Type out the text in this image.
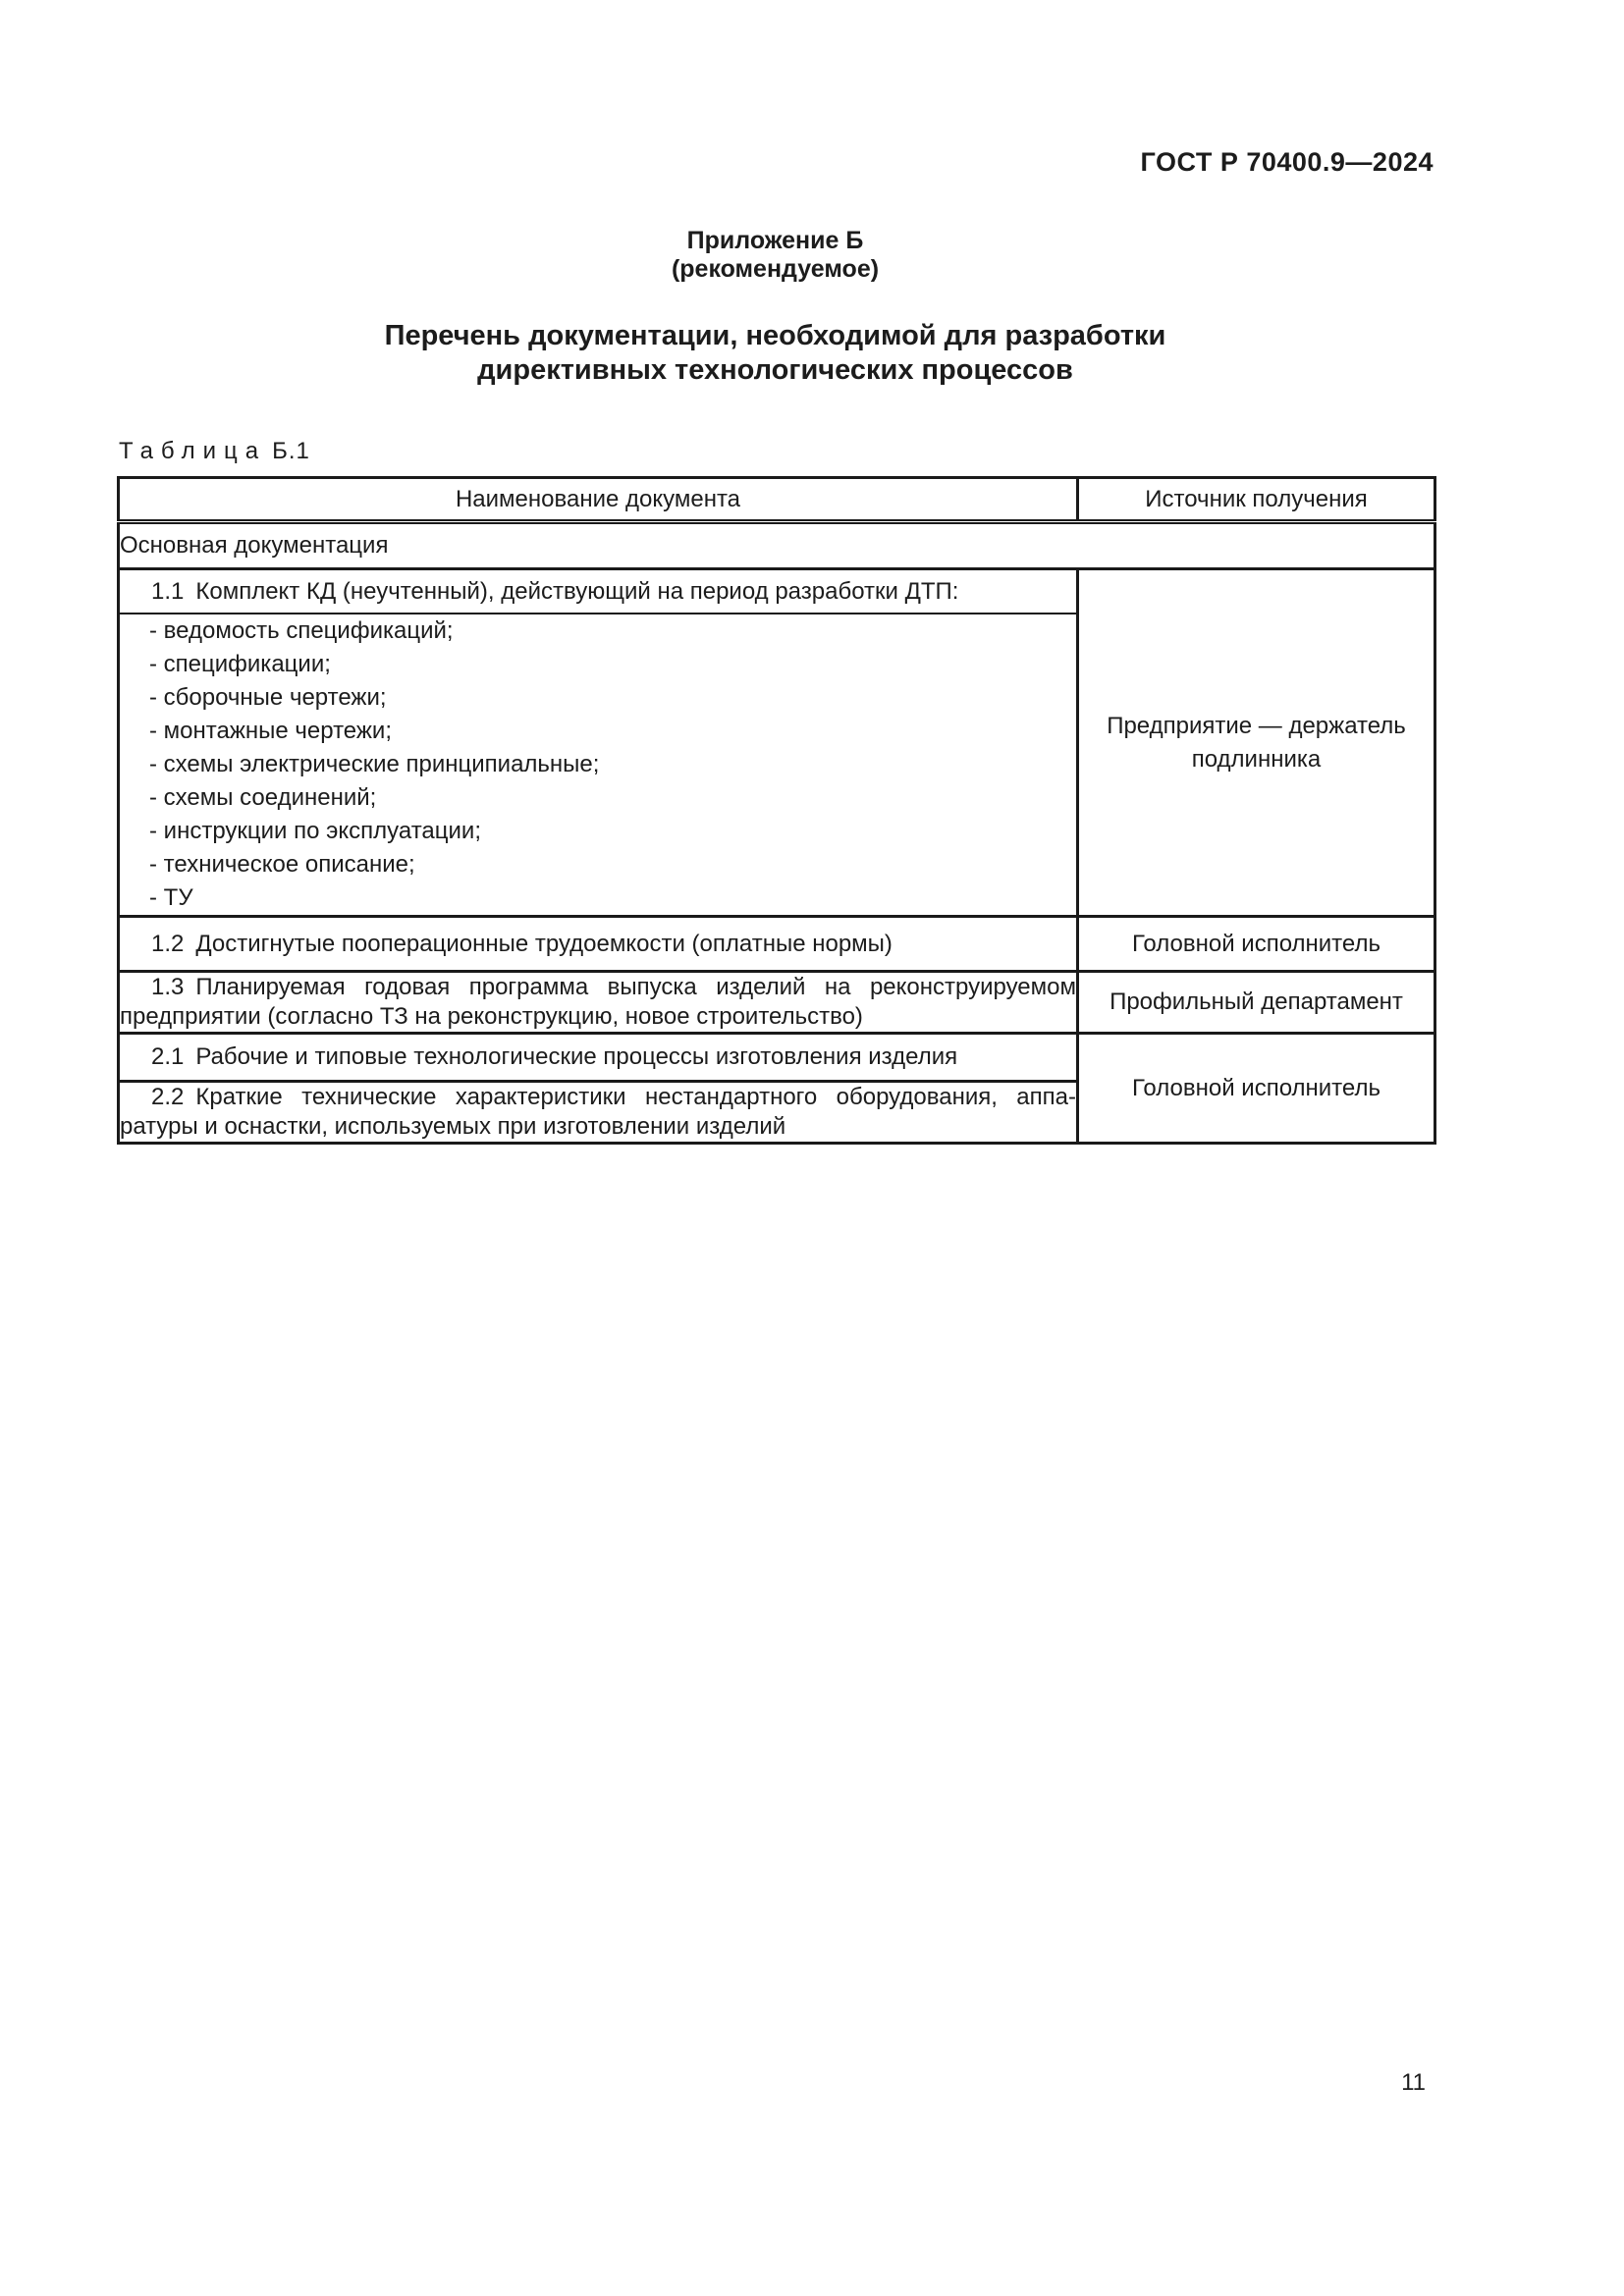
ГОСТ Р 70400.9—2024
Приложение Б
(рекомендуемое)
Перечень документации, необходимой для разработки
директивных технологических процессов
Таблица Б.1
Наименование документа	Источник получения
Основная документация	
1.1 Комплект КД (неучтенный), действующий на период разработки ДТП:	Предприятие — держатель подлинника

- ведомость спецификаций;
- спецификации;
- сборочные чертежи;
- монтажные чертежи;
- схемы электрические принципиальные;
- схемы соединений;
- инструкции по эксплуатации;
- техническое описание;
- ТУ

1.2 Достигнутые пооперационные трудоемкости (оплатные нормы)	Головной исполнитель
1.3 Планируемая годовая программа выпуска изделий на реконструируемом предприятии (согласно ТЗ на реконструкцию, новое строительство)	Профильный департамент
2.1 Рабочие и типовые технологические процессы изготовления изделия	Головной исполнитель
2.2 Краткие технические характеристики нестандартного оборудования, аппаратуры и оснастки, используемых при изготовлении изделий	
11
